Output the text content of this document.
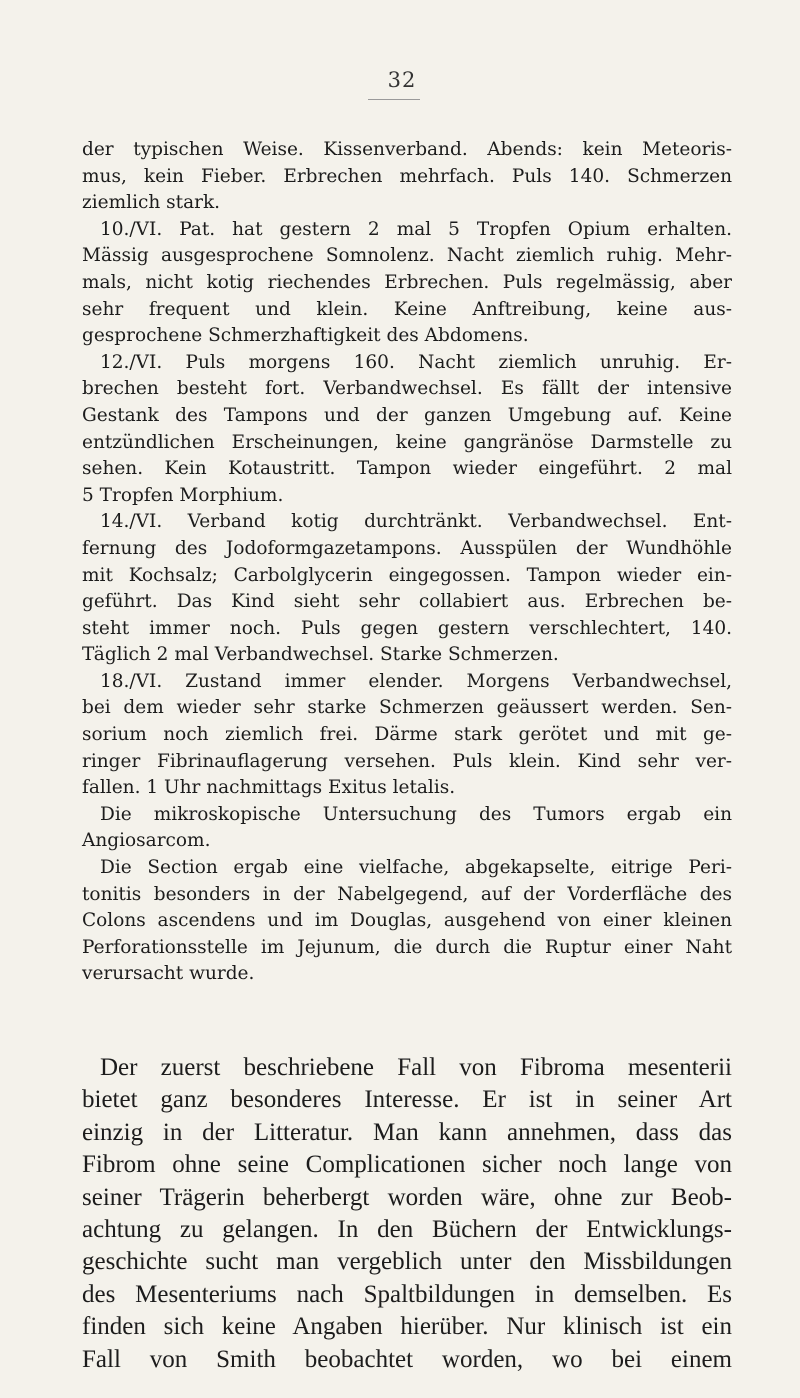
32
der typischen Weise. Kissenverband. Abends: kein Meteoris-
mus, kein Fieber. Erbrechen mehrfach. Puls 140. Schmerzen
ziemlich stark.
10./VI. Pat. hat gestern 2 mal 5 Tropfen Opium erhalten.
Mässig ausgesprochene Somnolenz. Nacht ziemlich ruhig. Mehr-
mals, nicht kotig riechendes Erbrechen. Puls regelmässig, aber
sehr frequent und klein. Keine Anftreibung, keine aus-
gesprochene Schmerzhaftigkeit des Abdomens.
12./VI. Puls morgens 160. Nacht ziemlich unruhig. Er-
brechen besteht fort. Verbandwechsel. Es fällt der intensive
Gestank des Tampons und der ganzen Umgebung auf. Keine
entzündlichen Erscheinungen, keine gangränöse Darmstelle zu
sehen. Kein Kotaustritt. Tampon wieder eingeführt. 2 mal
5 Tropfen Morphium.
14./VI. Verband kotig durchtränkt. Verbandwechsel. Ent-
fernung des Jodoformgazetampons. Ausspülen der Wundhöhle
mit Kochsalz; Carbolglycerin eingegossen. Tampon wieder ein-
geführt. Das Kind sieht sehr collabiert aus. Erbrechen be-
steht immer noch. Puls gegen gestern verschlechtert, 140.
Täglich 2 mal Verbandwechsel. Starke Schmerzen.
18./VI. Zustand immer elender. Morgens Verbandwechsel,
bei dem wieder sehr starke Schmerzen geäussert werden. Sen-
sorium noch ziemlich frei. Därme stark gerötet und mit ge-
ringer Fibrinauflagerung versehen. Puls klein. Kind sehr ver-
fallen. 1 Uhr nachmittags Exitus letalis.
Die mikroskopische Untersuchung des Tumors ergab ein
Angiosarcom.
Die Section ergab eine vielfache, abgekapselte, eitrige Peri-
tonitis besonders in der Nabelgegend, auf der Vorderfläche des
Colons ascendens und im Douglas, ausgehend von einer kleinen
Perforationsstelle im Jejunum, die durch die Ruptur einer Naht
verursacht wurde.
Der zuerst beschriebene Fall von Fibroma mesenterii
bietet ganz besonderes Interesse. Er ist in seiner Art
einzig in der Litteratur. Man kann annehmen, dass das
Fibrom ohne seine Complicationen sicher noch lange von
seiner Trägerin beherbergt worden wäre, ohne zur Beob-
achtung zu gelangen. In den Büchern der Entwicklungs-
geschichte sucht man vergeblich unter den Missbildungen
des Mesenteriums nach Spaltbildungen in demselben. Es
finden sich keine Angaben hierüber. Nur klinisch ist ein
Fall von Smith beobachtet worden, wo bei einem
